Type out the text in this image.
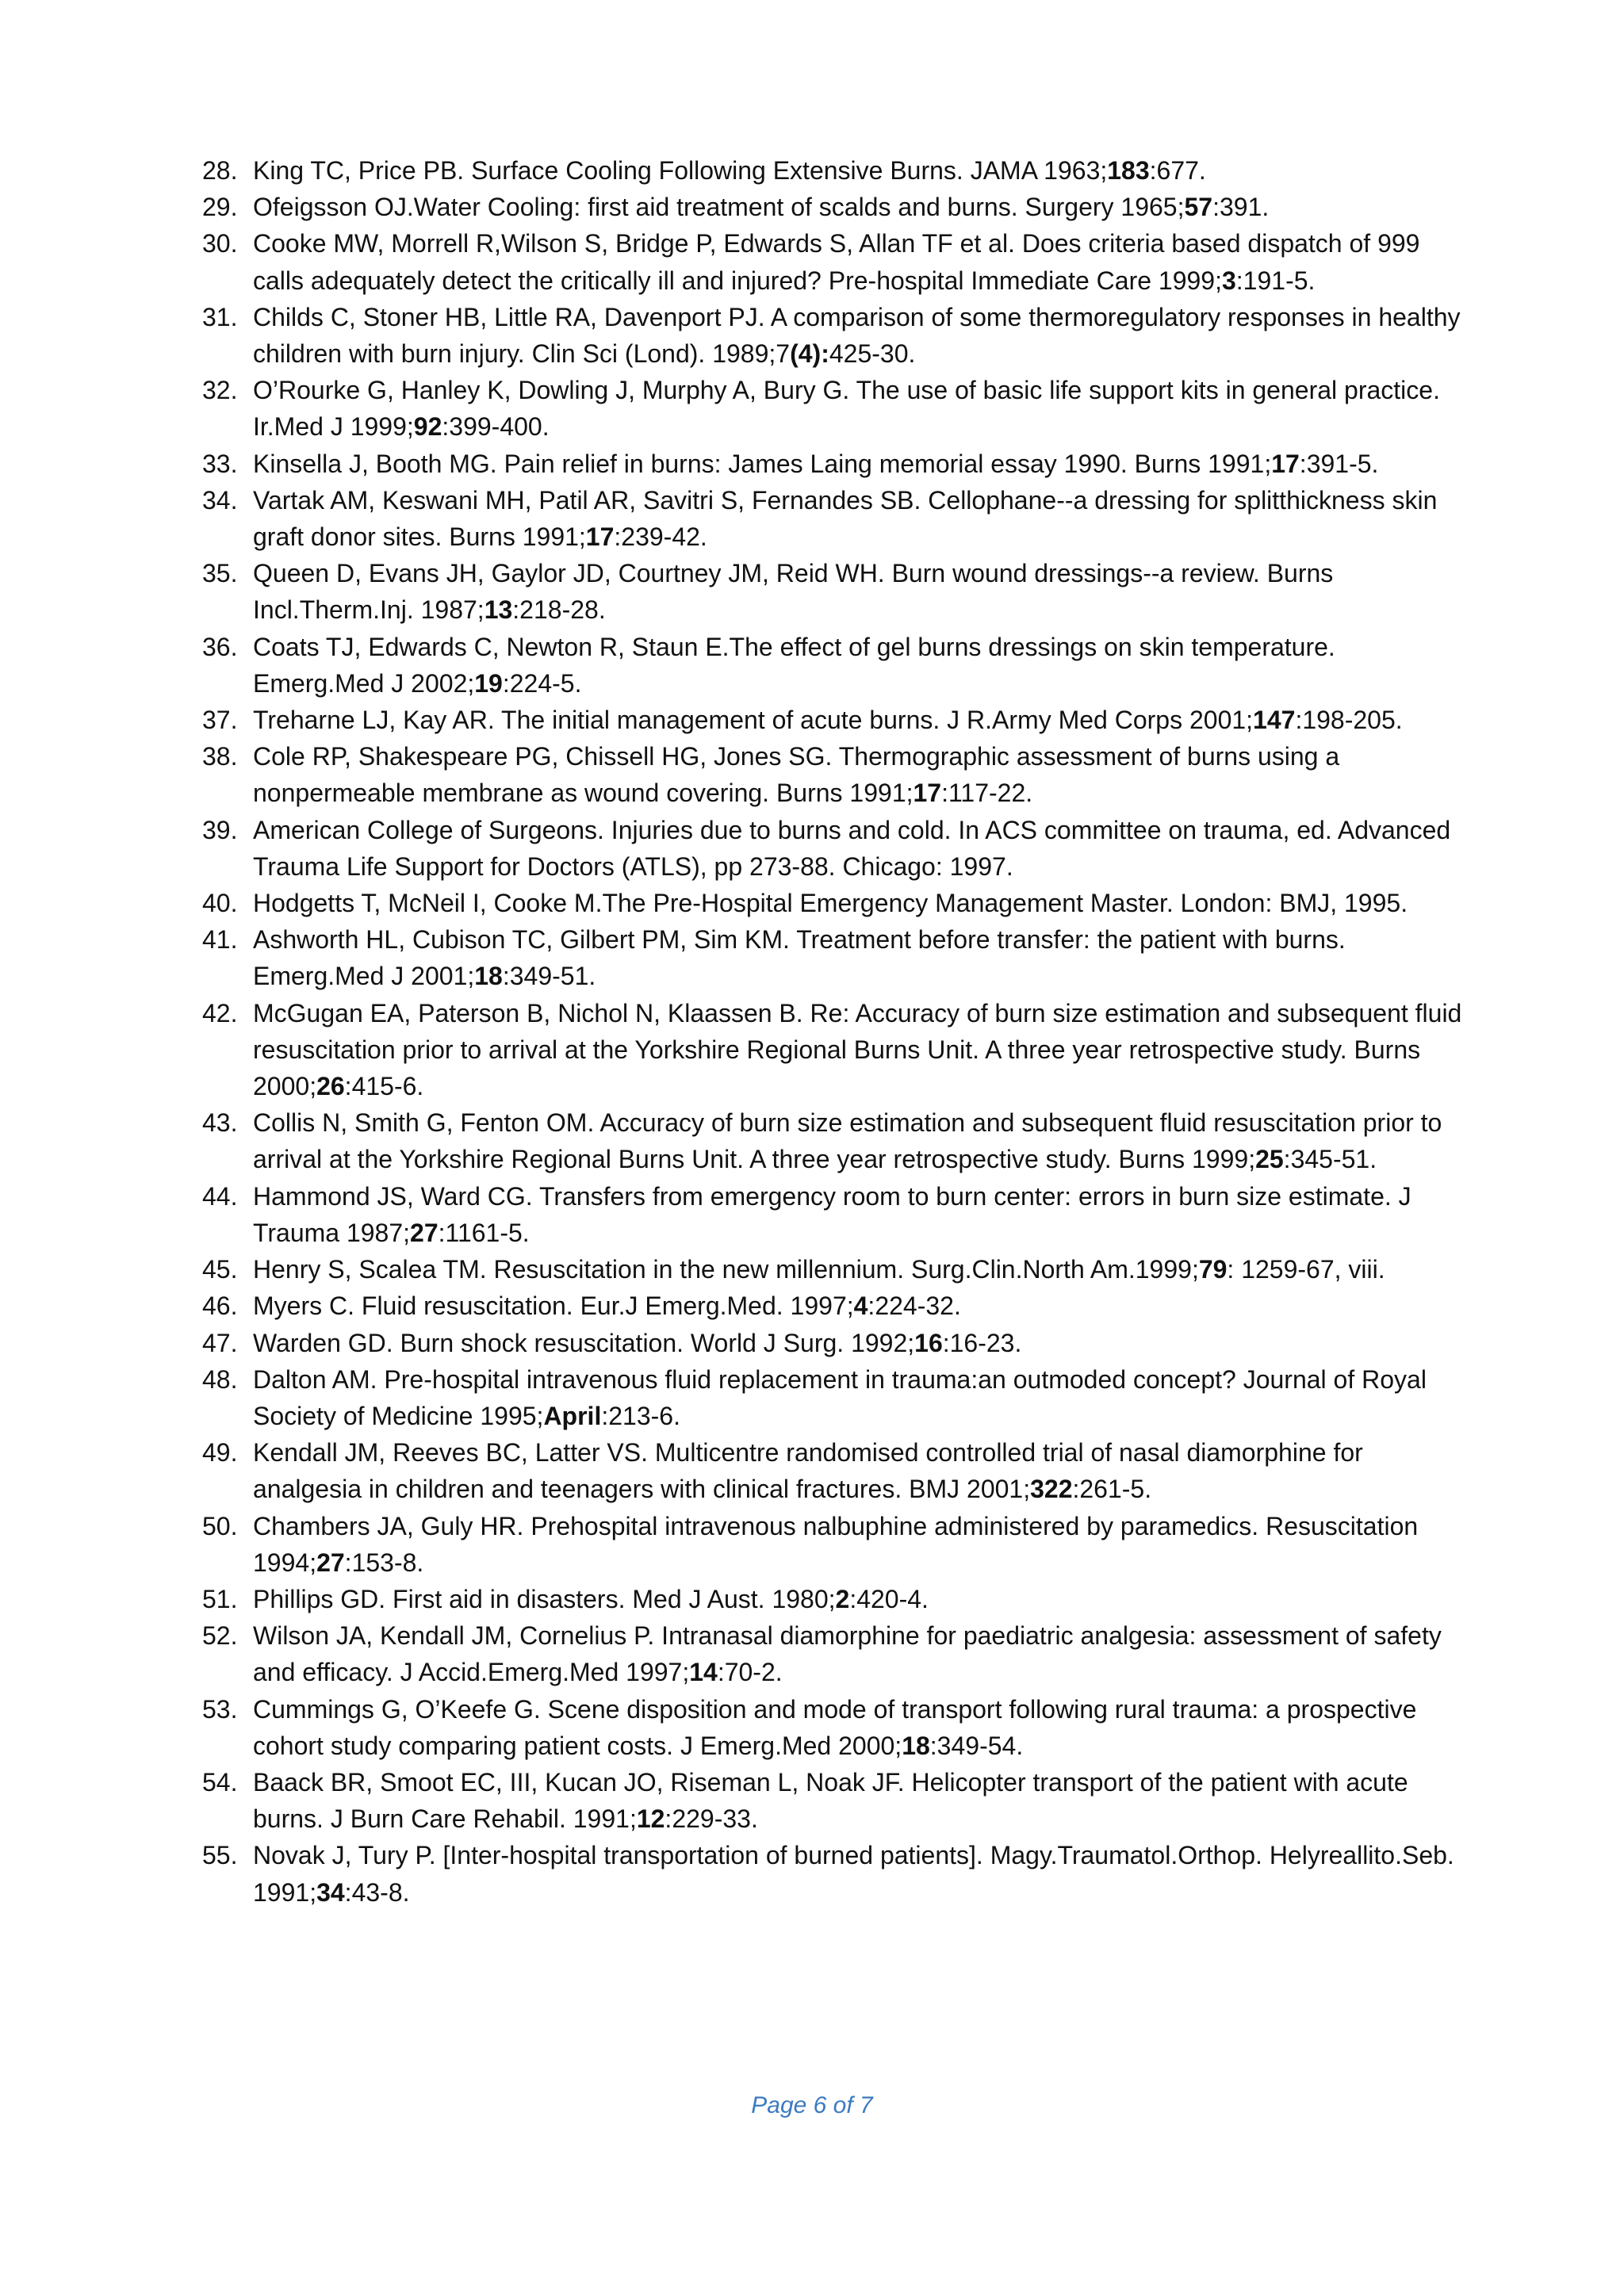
28. King TC, Price PB. Surface Cooling Following Extensive Burns. JAMA 1963;183:677.
29. Ofeigsson OJ.Water Cooling: first aid treatment of scalds and burns. Surgery 1965;57:391.
30. Cooke MW, Morrell R,Wilson S, Bridge P, Edwards S, Allan TF et al. Does criteria based dispatch of 999 calls adequately detect the critically ill and injured? Pre-hospital Immediate Care 1999;3:191-5.
31. Childs C, Stoner HB, Little RA, Davenport PJ. A comparison of some thermoregulatory responses in healthy children with burn injury. Clin Sci (Lond). 1989;7(4):425-30.
32. O’Rourke G, Hanley K, Dowling J, Murphy A, Bury G. The use of basic life support kits in general practice. Ir.Med J 1999;92:399-400.
33. Kinsella J, Booth MG. Pain relief in burns: James Laing memorial essay 1990. Burns 1991;17:391-5.
34. Vartak AM, Keswani MH, Patil AR, Savitri S, Fernandes SB. Cellophane--a dressing for splitthickness skin graft donor sites. Burns 1991;17:239-42.
35. Queen D, Evans JH, Gaylor JD, Courtney JM, Reid WH. Burn wound dressings--a review. Burns Incl.Therm.Inj. 1987;13:218-28.
36. Coats TJ, Edwards C, Newton R, Staun E.The effect of gel burns dressings on skin temperature. Emerg.Med J 2002;19:224-5.
37. Treharne LJ, Kay AR. The initial management of acute burns. J R.Army Med Corps 2001;147:198-205.
38. Cole RP, Shakespeare PG, Chissell HG, Jones SG. Thermographic assessment of burns using a nonpermeable membrane as wound covering. Burns 1991;17:117-22.
39. American College of Surgeons. Injuries due to burns and cold. In ACS committee on trauma, ed. Advanced Trauma Life Support for Doctors (ATLS), pp 273-88. Chicago: 1997.
40. Hodgetts T, McNeil I, Cooke M.The Pre-Hospital Emergency Management Master. London: BMJ, 1995.
41. Ashworth HL, Cubison TC, Gilbert PM, Sim KM. Treatment before transfer: the patient with burns. Emerg.Med J 2001;18:349-51.
42. McGugan EA, Paterson B, Nichol N, Klaassen B. Re: Accuracy of burn size estimation and subsequent fluid resuscitation prior to arrival at the Yorkshire Regional Burns Unit. A three year retrospective study. Burns 2000;26:415-6.
43. Collis N, Smith G, Fenton OM. Accuracy of burn size estimation and subsequent fluid resuscitation prior to arrival at the Yorkshire Regional Burns Unit. A three year retrospective study. Burns 1999;25:345-51.
44. Hammond JS, Ward CG. Transfers from emergency room to burn center: errors in burn size estimate. J Trauma 1987;27:1161-5.
45. Henry S, Scalea TM. Resuscitation in the new millennium. Surg.Clin.North Am.1999;79: 1259-67, viii.
46. Myers C. Fluid resuscitation. Eur.J Emerg.Med. 1997;4:224-32.
47. Warden GD. Burn shock resuscitation. World J Surg. 1992;16:16-23.
48. Dalton AM. Pre-hospital intravenous fluid replacement in trauma:an outmoded concept? Journal of Royal Society of Medicine 1995;April:213-6.
49. Kendall JM, Reeves BC, Latter VS. Multicentre randomised controlled trial of nasal diamorphine for analgesia in children and teenagers with clinical fractures. BMJ 2001;322:261-5.
50. Chambers JA, Guly HR. Prehospital intravenous nalbuphine administered by paramedics. Resuscitation 1994;27:153-8.
51. Phillips GD. First aid in disasters. Med J Aust. 1980;2:420-4.
52. Wilson JA, Kendall JM, Cornelius P. Intranasal diamorphine for paediatric analgesia: assessment of safety and efficacy. J Accid.Emerg.Med 1997;14:70-2.
53. Cummings G, O’Keefe G. Scene disposition and mode of transport following rural trauma: a prospective cohort study comparing patient costs. J Emerg.Med 2000;18:349-54.
54. Baack BR, Smoot EC, III, Kucan JO, Riseman L, Noak JF. Helicopter transport of the patient with acute burns. J Burn Care Rehabil. 1991;12:229-33.
55. Novak J, Tury P. [Inter-hospital transportation of burned patients]. Magy.Traumatol.Orthop. Helyreallito.Seb. 1991;34:43-8.
Page 6 of 7
